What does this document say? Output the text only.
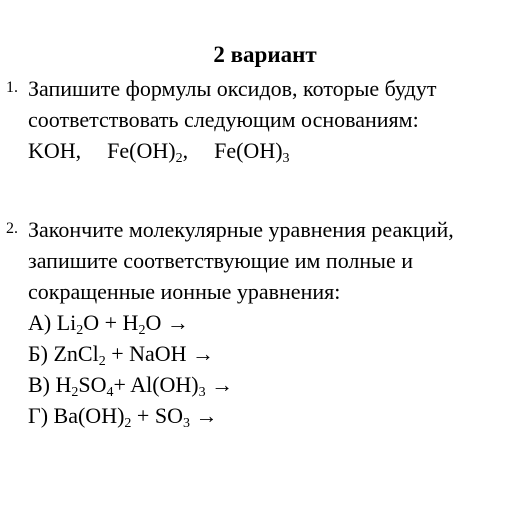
2 вариант
1. Запишите формулы оксидов, которые будут
соответствовать следующим основаниям:
KOH, $Fe(OH)_2$, $Fe(OH)_3$
2. Закончите молекулярные уравнения реакций,
запишите соответствующие им полные и
сокращенные ионные уравнения:
А) $Li_2O + H_2O$ →
Б) ZnCl$_2$ + NaOH →
В) $H_2SO_4+ Al(OH)_3$ →
Г) $Ba(OH)_2 + SO_3$ →
